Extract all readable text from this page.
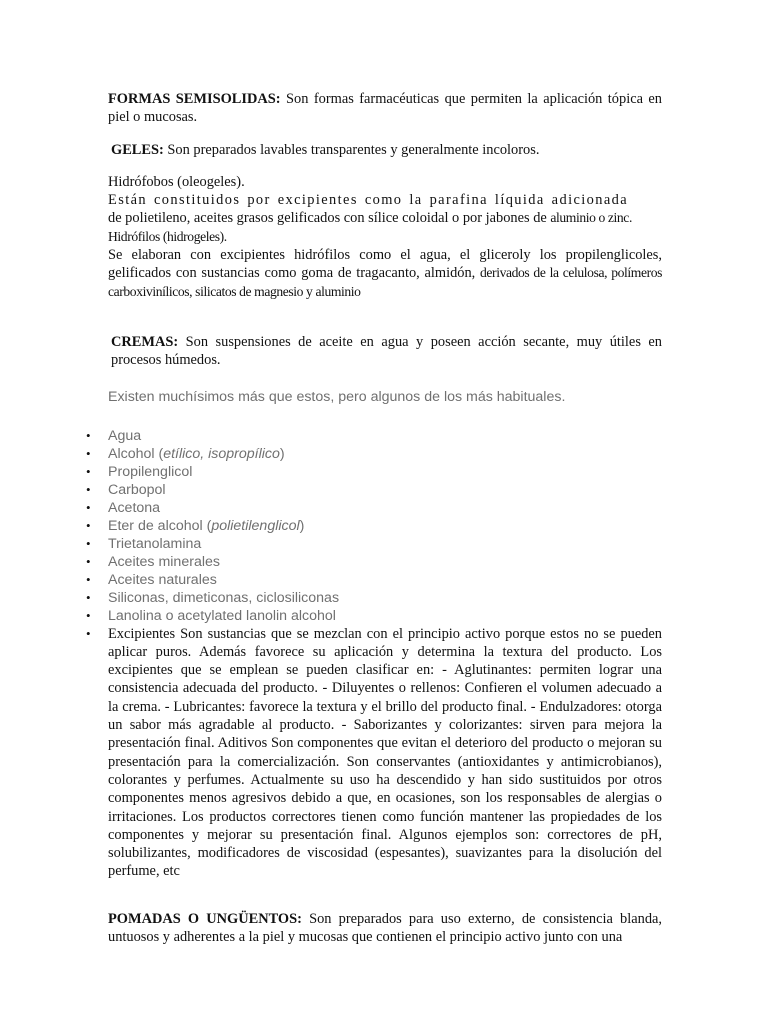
FORMAS SEMISOLIDAS: Son formas farmacéuticas que permiten la aplicación tópica en piel o mucosas.

GELES: Son preparados lavables transparentes y generalmente incoloros.

Hidrófobos (oleogeles).

Están constituidos por excipientes como la parafina líquida adicionada

de polietileno, aceites grasos gelificados con sílice coloidal o por jabones de aluminio o zinc.

Hidrófilos (hidrogeles).

Se elaboran con excipientes hidrófilos como el agua, el gliceroly los propilenglicoles, gelificados con sustancias como goma de tragacanto, almidón, derivados de la celulosa, polímeros carboxivinílicos, silicatos de magnesio y aluminio

CREMAS: Son suspensiones de aceite en agua y poseen acción secante, muy útiles en procesos húmedos.

Existen muchísimos más que estos, pero algunos de los más habituales.

• Agua
• Alcohol (etílico, isopropílico)
• Propilenglicol
• Carbopol
• Acetona
• Eter de alcohol (polietilenglicol)
• Trietanolamina
• Aceites minerales
• Aceites naturales
• Siliconas, dimeticonas, ciclosiliconas
• Lanolina o acetylated lanolin alcohol
• Excipientes Son sustancias que se mezclan con el principio activo porque estos no se pueden aplicar puros. Además favorece su aplicación y determina la textura del producto. Los excipientes que se emplean se pueden clasificar en: - Aglutinantes: permiten lograr una consistencia adecuada del producto. - Diluyentes o rellenos: Confieren el volumen adecuado a la crema. - Lubricantes: favorece la textura y el brillo del producto final. - Endulzadores: otorga un sabor más agradable al producto. - Saborizantes y colorizantes: sirven para mejora la presentación final. Aditivos Son componentes que evitan el deterioro del producto o mejoran su presentación para la comercialización. Son conservantes (antioxidantes y antimicrobianos), colorantes y perfumes. Actualmente su uso ha descendido y han sido sustituidos por otros componentes menos agresivos debido a que, en ocasiones, son los responsables de alergias o irritaciones. Los productos correctores tienen como función mantener las propiedades de los componentes y mejorar su presentación final. Algunos ejemplos son: correctores de pH, solubilizantes, modificadores de viscosidad (espesantes), suavizantes para la disolución del perfume, etc

POMADAS O UNGÜENTOS: Son preparados para uso externo, de consistencia blanda, untuosos y adherentes a la piel y mucosas que contienen el principio activo junto con una
